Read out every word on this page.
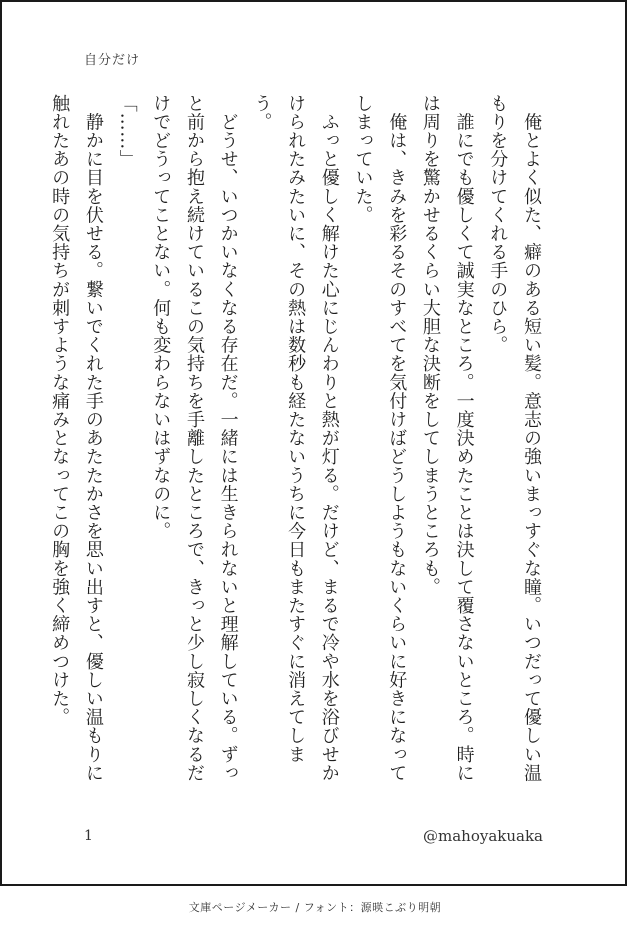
自分だけ

　俺とよく似た、癖のある短い髪。意志の強いまっすぐな瞳。いつだって優しい温もりを分けてくれる手のひら。

　誰にでも優しくて誠実なところ。一度決めたことは決して覆さないところ。時には周りを驚かせるくらい大胆な決断をしてしまうところも。

　俺は、きみを彩るそのすべてを気付けばどうしようもないくらいに好きになってしまっていた。

　ふっと優しく解けた心にじんわりと熱が灯る。だけど、まるで冷や水を浴びせかけられたみたいに、その熱は数秒も経たないうちに今日もまたすぐに消えてしまう。

　どうせ、いつかいなくなる存在だ。一緒には生きられないと理解している。ずっと前から抱え続けているこの気持ちを手離したところで、きっと少し寂しくなるだけでどうってことない。何も変わらないはずなのに。

「……」

　静かに目を伏せる。繋いでくれた手のあたたかさを思い出すと、優しい温もりに触れたあの時の気持ちが刺すような痛みとなってこの胸を強く締めつけた。

1	@mahoyakuaka
文庫ページメーカー / フォント：源暎こぶり明朝
